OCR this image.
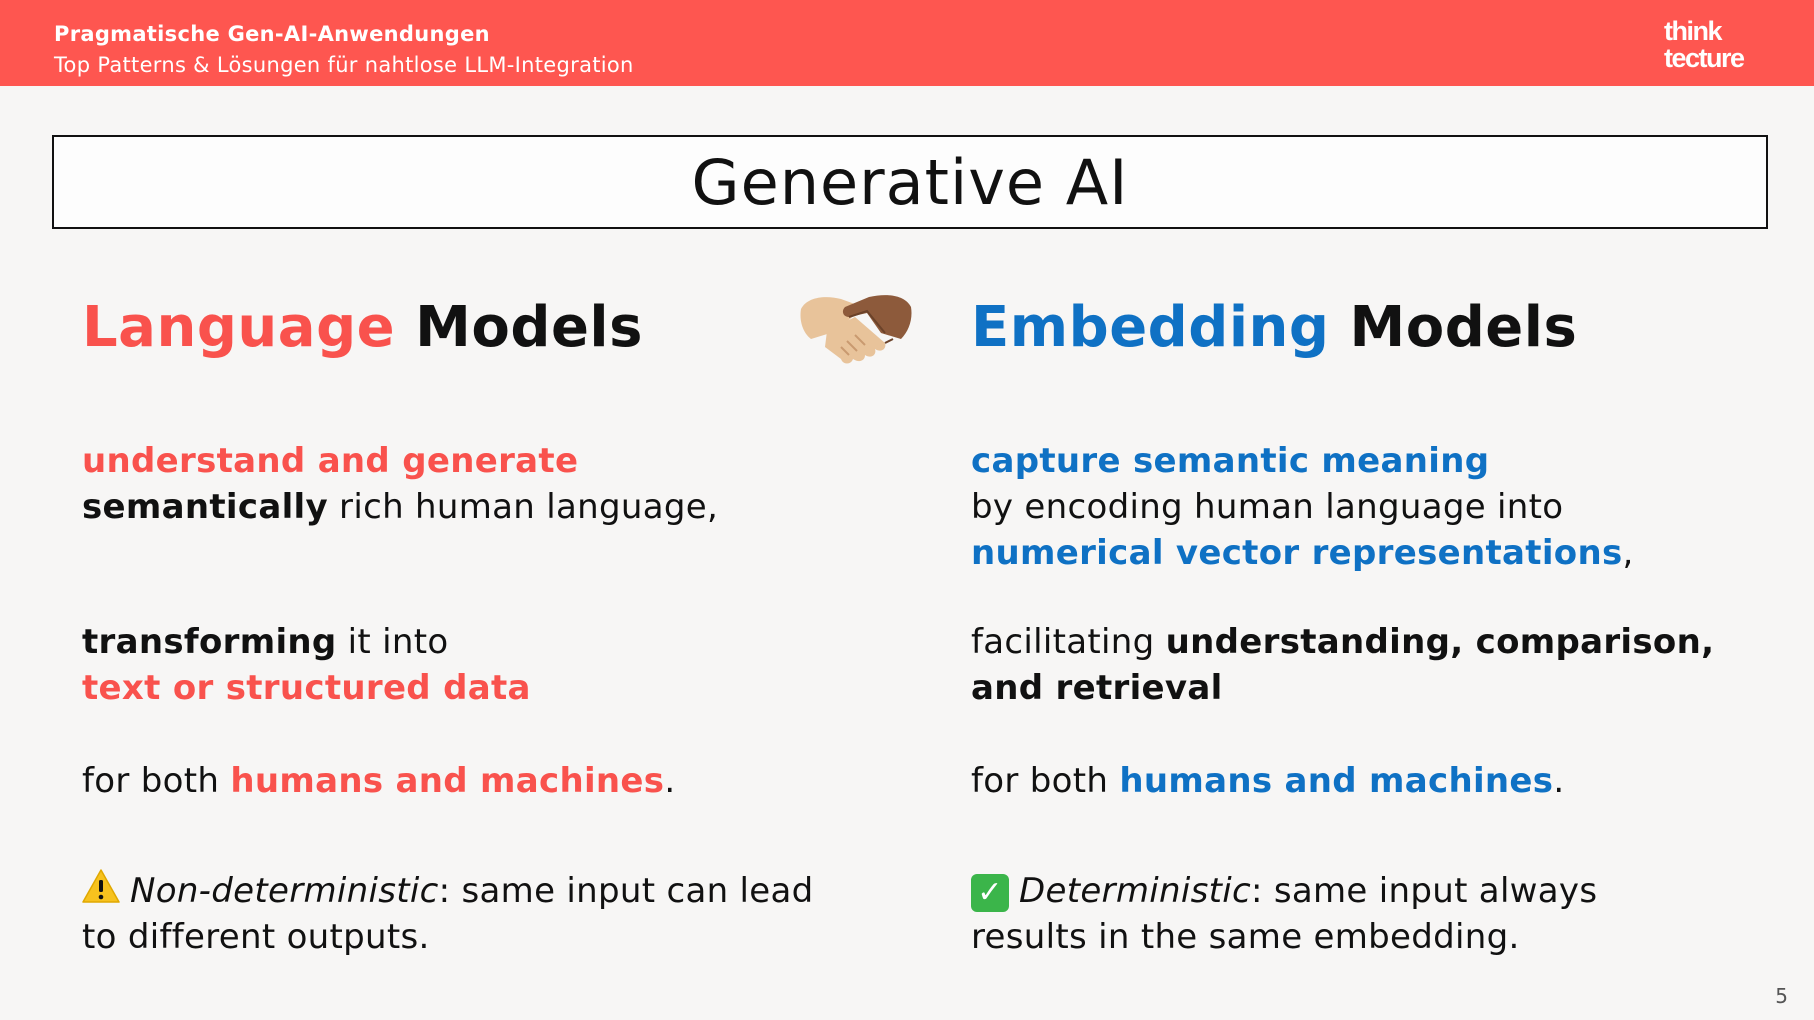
Pragmatische Gen-AI-Anwendungen
Top Patterns & Lösungen für nahtlose LLM-Integration
think
tecture
Generative AI
Language Models
understand and generate
semantically rich human language,
transforming it into
text or structured data
for both humans and machines.
Non-deterministic: same input can lead
to different outputs.
Embedding Models
capture semantic meaning
by encoding human language into
numerical vector representations,
facilitating understanding, comparison,
and retrieval
for both humans and machines.
✓ Deterministic: same input always
results in the same embedding.
5
